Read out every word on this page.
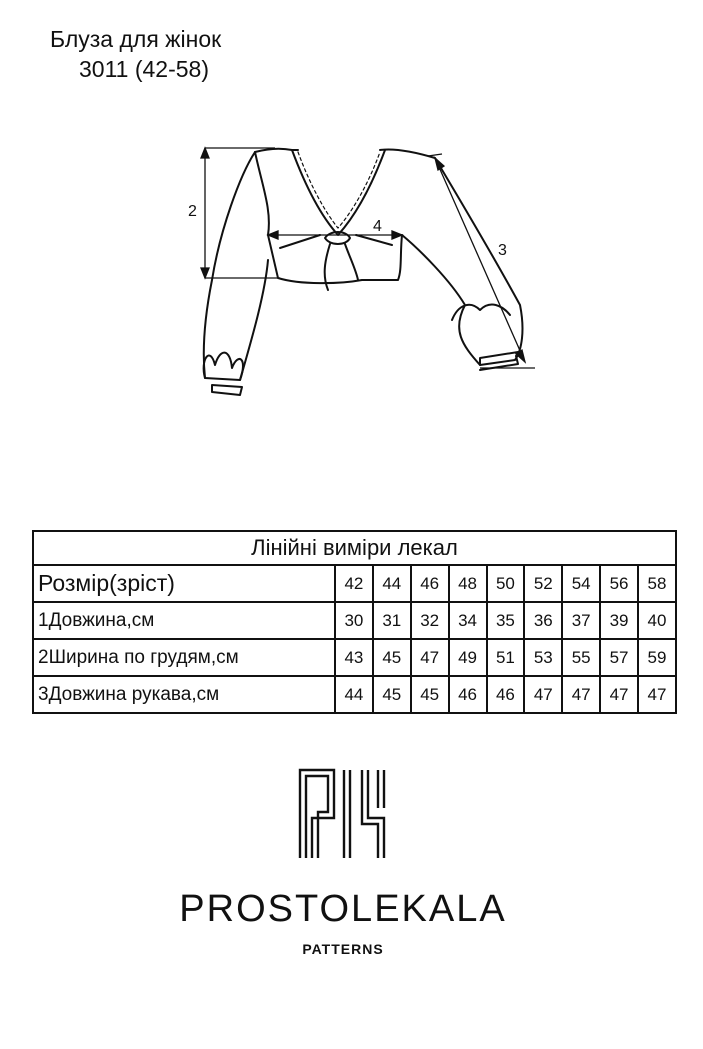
Блуза для жінок
3011 (42-58)
2
4
3
Лінійні виміри лекал									
Розмір(зріст)	42	44	46	48	50	52	54	56	58
1Довжина,см	30	31	32	34	35	36	37	39	40
2Ширина по грудям,см	43	45	47	49	51	53	55	57	59
3Довжина рукава,см	44	45	45	46	46	47	47	47	47
PROSTOLEKALA
PATTERNS
